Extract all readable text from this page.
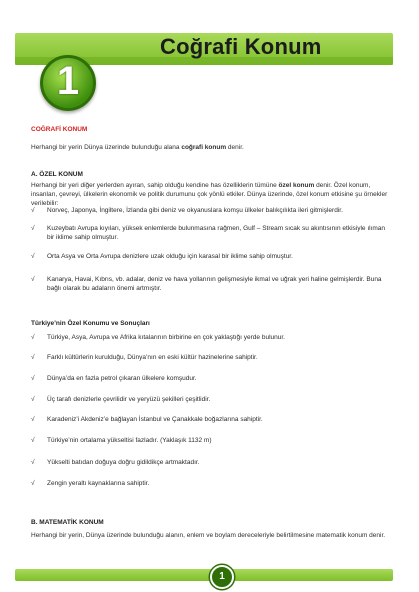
Coğrafi Konum
1
COĞRAFİ KONUM
Herhangi bir yerin Dünya üzerinde bulunduğu alana coğrafi konum denir.
A. ÖZEL KONUM
Herhangi bir yeri diğer yerlerden ayıran, sahip olduğu kendine has özelliklerin tümüne özel konum denir. Özel konum, insanları, çevreyi, ülkelerin ekonomik ve politik durumunu çok yönlü etkiler. Dünya üzerinde, özel konum etkisine şu örnekler verilebilir:
√ Norveç, Japonya, İngiltere, İzlanda gibi deniz ve okyanuslara komşu ülkeler balıkçılıkta ileri gitmişlerdir.
√ Kuzeybatı Avrupa kıyıları, yüksek enlemlerde bulunmasına rağmen, Gulf – Stream sıcak su akıntısının etkisiyle ılıman bir iklime sahip olmuştur.
√ Orta Asya ve Orta Avrupa denizlere uzak olduğu için karasal bir iklime sahip olmuştur.
√ Kanarya, Havai, Kıbrıs, vb. adalar, deniz ve hava yollarının gelişmesiyle ikmal ve uğrak yeri haline gelmişlerdir. Buna bağlı olarak bu adaların önemi artmıştır.
Türkiye’nin Özel Konumu ve Sonuçları
√ Türkiye, Asya, Avrupa ve Afrika kıtalarının birbirine en çok yaklaştığı yerde bulunur.
√ Farklı kültürlerin kurulduğu, Dünya’nın en eski kültür hazinelerine sahiptir.
√ Dünya’da en fazla petrol çıkaran ülkelere komşudur.
√ Üç tarafı denizlerle çevrilidir ve yeryüzü şekilleri çeşitlidir.
√ Karadeniz’i Akdeniz’e bağlayan İstanbul ve Çanakkale boğazlarına sahiptir.
√ Türkiye’nin ortalama yükseltisi fazladır. (Yaklaşık 1132 m)
√ Yükselti batıdan doğuya doğru gidildikçe artmaktadır.
√ Zengin yeraltı kaynaklarına sahiptir.
B. MATEMATİK KONUM
Herhangi bir yerin, Dünya üzerinde bulunduğu alanın, enlem ve boylam dereceleriyle belirtilmesine matematik konum denir.
1
